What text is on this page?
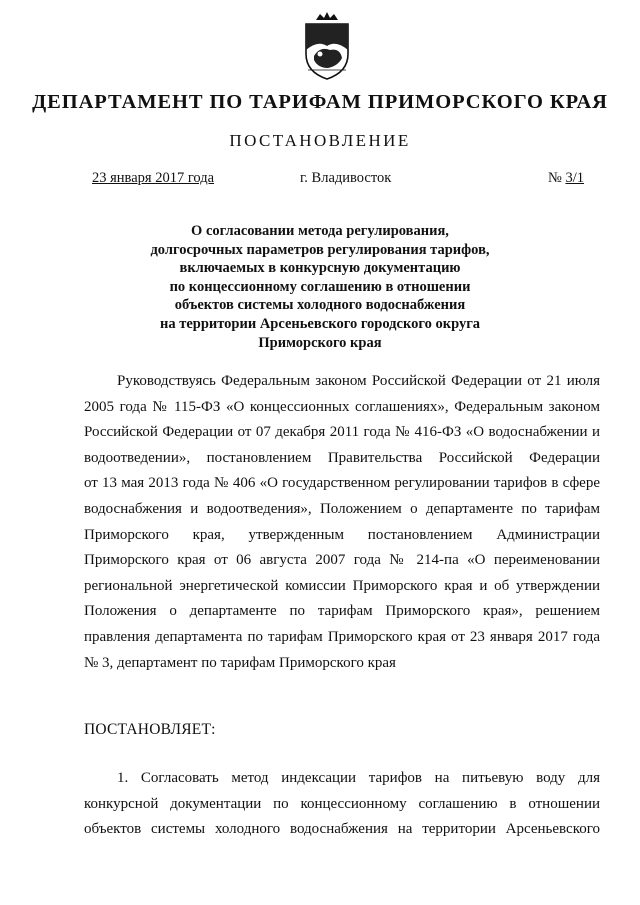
ДЕПАРТАМЕНТ ПО ТАРИФАМ ПРИМОРСКОГО КРАЯ
ПОСТАНОВЛЕНИЕ
23 января 2017 года	г. Владивосток	№ 3/1
О согласовании метода регулирования,
долгосрочных параметров регулирования тарифов,
включаемых в конкурсную документацию
по концессионному соглашению в отношении
объектов системы холодного водоснабжения
на территории Арсеньевского городского округа
Приморского края
Руководствуясь Федеральным законом Российской Федерации от 21 июля
2005 года № 115-ФЗ «О концессионных соглашениях», Федеральным законом
Российской Федерации от 07 декабря 2011 года № 416-ФЗ «О водоснабжении и
водоотведении», постановлением Правительства Российской Федерации
от 13 мая 2013 года № 406 «О государственном регулировании тарифов в сфере
водоснабжения и водоотведения», Положением о департаменте по тарифам
Приморского края, утвержденным постановлением Администрации
Приморского края от 06 августа 2007 года № 214-па «О переименовании
региональной энергетической комиссии Приморского края и об утверждении
Положения о департаменте по тарифам Приморского края», решением
правления департамента по тарифам Приморского края от 23 января 2017 года
№ 3, департамент по тарифам Приморского края
ПОСТАНОВЛЯЕТ:
1. Согласовать метод индексации тарифов на питьевую воду для
конкурсной документации по концессионному соглашению в отношении
объектов системы холодного водоснабжения на территории Арсеньевского
